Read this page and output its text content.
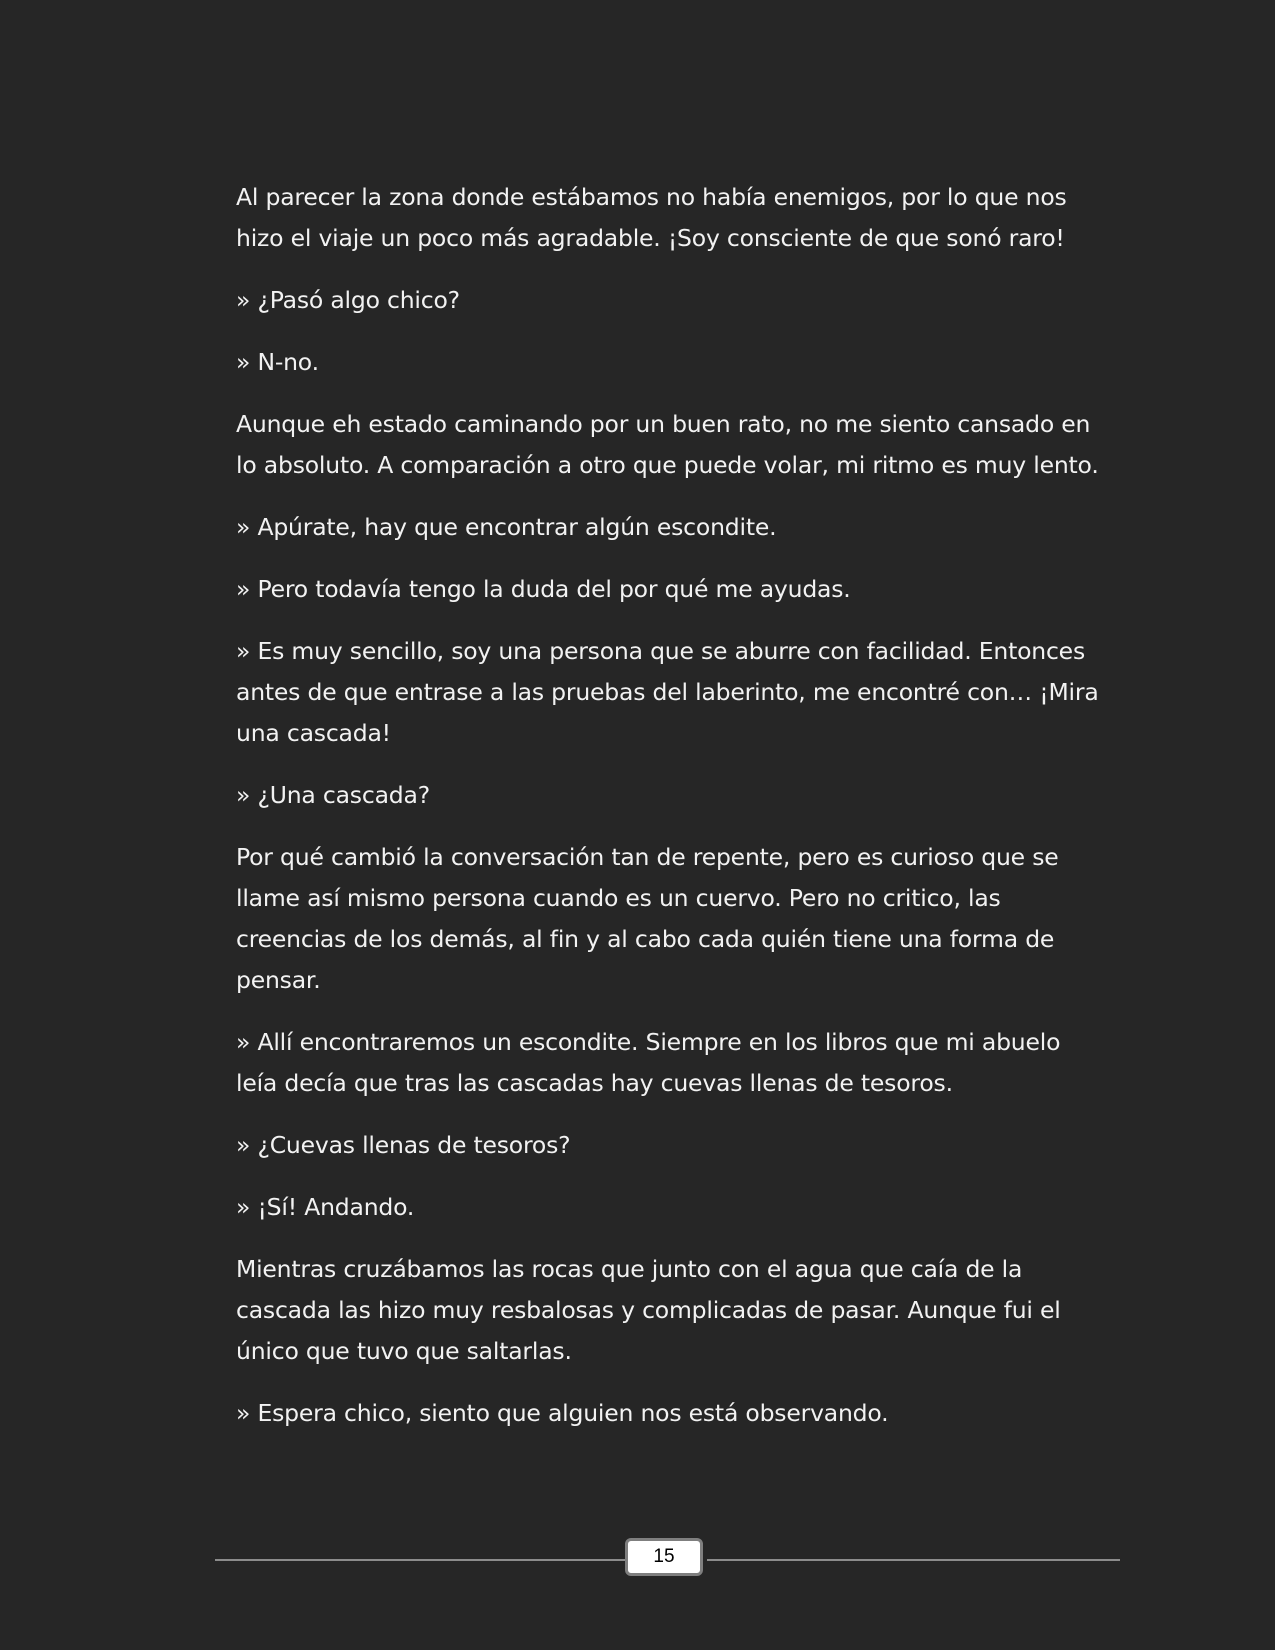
Al parecer la zona donde estábamos no había enemigos, por lo que nos hizo el viaje un poco más agradable. ¡Soy consciente de que sonó raro!

» ¿Pasó algo chico?

» N-no.

Aunque eh estado caminando por un buen rato, no me siento cansado en lo absoluto. A comparación a otro que puede volar, mi ritmo es muy lento.

» Apúrate, hay que encontrar algún escondite.

» Pero todavía tengo la duda del por qué me ayudas.

» Es muy sencillo, soy una persona que se aburre con facilidad. Entonces antes de que entrase a las pruebas del laberinto, me encontré con… ¡Mira una cascada!

» ¿Una cascada?

Por qué cambió la conversación tan de repente, pero es curioso que se llame así mismo persona cuando es un cuervo. Pero no critico, las creencias de los demás, al fin y al cabo cada quién tiene una forma de pensar.

» Allí encontraremos un escondite. Siempre en los libros que mi abuelo leía decía que tras las cascadas hay cuevas llenas de tesoros.

» ¿Cuevas llenas de tesoros?

» ¡Sí! Andando.

Mientras cruzábamos las rocas que junto con el agua que caía de la cascada las hizo muy resbalosas y complicadas de pasar. Aunque fui el único que tuvo que saltarlas.

» Espera chico, siento que alguien nos está observando.

15
